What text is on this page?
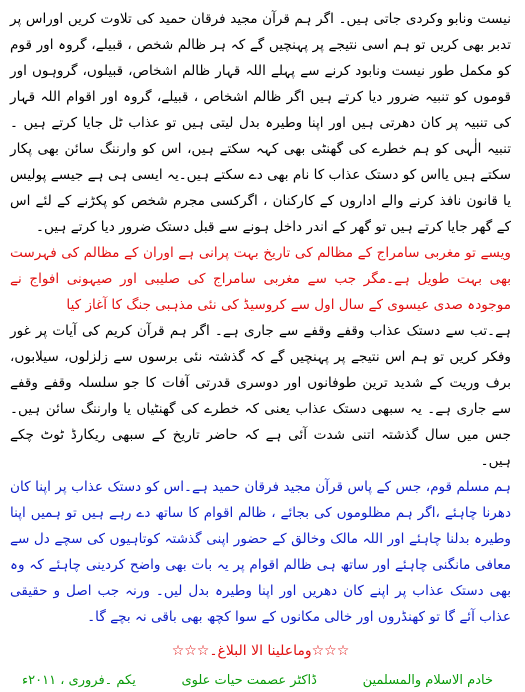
نیست ونابو وکردی جاتی ہیں۔ اگر ہم قرآن مجید فرقان حمید کی تلاوت کریں اوراس پر تدبر بھی کریں تو ہم اسی نتیجے پر پہنچیں گے کہ ہر ظالم شخص ، قبیلے، گروہ اور قوم کو مکمل طور نیست ونابود کرنے سے پہلے اللہ قہار ظالم اشخاص، قبیلوں، گروہوں اور قوموں کو تنبیہ ضرور دیا کرتے ہیں اگر ظالم اشخاص ، قبیلے، گروہ اور اقوام اللہ قہار کی تنبیہ پر کان دھرتی ہیں اور اپنا وطیرہ بدل لیتی ہیں تو عذاب ٹل جایا کرتے ہیں ۔تنبیہ الٰہی کو ہم خطرے کی گھنٹی بھی کہہ سکتے ہیں، اس کو وارننگ سائن بھی پکار سکتے ہیں یااس کو دستک عذاب کا نام بھی دے سکتے ہیں۔یہ ایسی ہی ہے جیسے پولیس یا قانون نافذ کرنے والے اداروں کے کارکنان ، اگرکسی مجرم شخص کو پکڑنے کے لئے اس کے گھر جایا کرتے ہیں تو گھر کے اندر داخل ہونے سے قبل دستک ضرور دیا کرتے ہیں۔

ویسے تو مغربی سامراج کے مظالم کی تاریخ بہت پرانی ہے اوران کے مظالم کی فہرست بھی بہت طویل ہے۔مگر جب سے مغربی سامراج کی صلیبی اور صیہونی افواج نے موجودہ صدی عیسوی کے سال اول سے کروسیڈ کی نئی مذہبی جنگ کا آغاز کیا

ہے۔تب سے دستک عذاب وقفے وقفے سے جاری ہے۔ اگر ہم قرآن کریم کی آیات پر غور وفکر کریں تو ہم اس نتیجے پر پہنچیں گے کہ گذشتہ نئی برسوں سے زلزلوں، سیلابوں، برف وریت کے شدید ترین طوفانوں اور دوسری قدرتی آفات کا جو سلسلہ وقفے وقفے سے جاری ہے۔ یہ سبھی دستک عذاب یعنی کہ خطرے کی گھنٹیاں یا وارننگ سائن ہیں۔جس میں سال گذشتہ اتنی شدت آئی ہے کہ حاضر تاریخ کے سبھی ریکارڈ ٹوٹ چکے ہیں۔

ہم مسلم قوم، جس کے پاس قرآن مجید فرقان حمید ہے۔اس کو دستک عذاب پر اپنا کان دھرنا چاہئے ،اگر ہم مظلوموں کی بجائے ، ظالم اقوام کا ساتھ دے رہے ہیں تو ہمیں اپنا وطیرہ بدلنا چاہئے اور اللہ مالک وخالق کے حضور اپنی گذشتہ کوتاہیوں کی سچے دل سے معافی مانگنی چاہئے اور ساتھ ہی ظالم اقوام پر یہ بات بھی واضح کردینی چاہئے کہ وہ بھی دستک عذاب پر اپنے کان دھریں اور اپنا وطیرہ بدل لیں۔ ورنہ جب اصل و حقیقی عذاب آئے گا تو کھنڈروں اور خالی مکانوں کے سوا کچھ بھی باقی نہ بچے گا۔

☆☆☆وماعلینا الا البلاغ۔☆☆☆
خادم الاسلام والمسلمین
ڈاکٹر عصمت حیات علوی
یکم ۔فروری ، ۲۰۱۱ء
